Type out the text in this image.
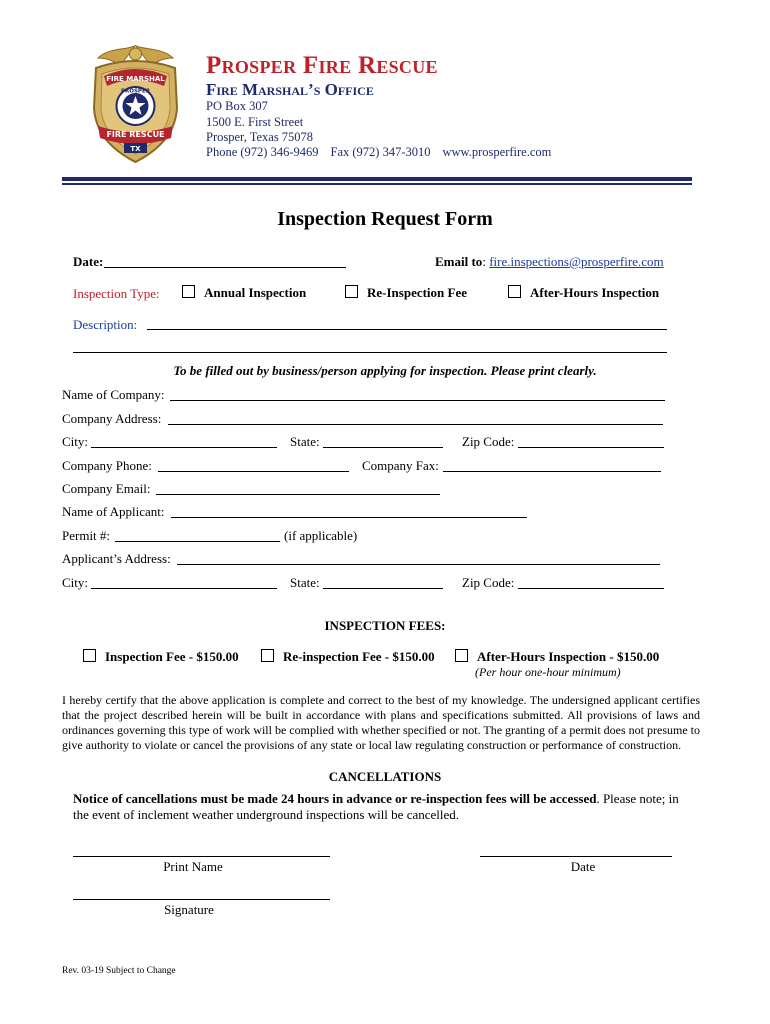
FIRE MARSHAL
PROSPER
FIRE RESCUE
TX
Prosper Fire Rescue
Fire Marshal’s Office
PO Box 307
1500 E. First Street
Prosper, Texas 75078
Phone (972) 346-9469 Fax (972) 347-3010 www.prosperfire.com
Inspection Request Form
Date:	Email to: fire.inspections@prosperfire.com
Inspection Type:	Annual Inspection	Re-Inspection Fee	After-Hours Inspection
Description:
To be filled out by business/person applying for inspection. Please print clearly.
Name of Company:
Company Address:
City:	State:	Zip Code:
Company Phone:	Company Fax:
Company Email:
Name of Applicant:
Permit #:	(if applicable)
Applicant’s Address:
City:	State:	Zip Code:
INSPECTION FEES:
Inspection Fee - $150.00	Re-inspection Fee - $150.00	After-Hours Inspection - $150.00
(Per hour one-hour minimum)
I hereby certify that the above application is complete and correct to the best of my knowledge. The undersigned applicant certifies that the project described herein will be built in accordance with plans and specifications submitted. All provisions of laws and ordinances governing this type of work will be complied with whether specified or not. The granting of a permit does not presume to give authority to violate or cancel the provisions of any state or local law regulating construction or performance of construction.
CANCELLATIONS
Notice of cancellations must be made 24 hours in advance or re-inspection fees will be accessed. Please note; in the event of inclement weather underground inspections will be cancelled.
Print Name	Date
Signature
Rev. 03-19 Subject to Change
